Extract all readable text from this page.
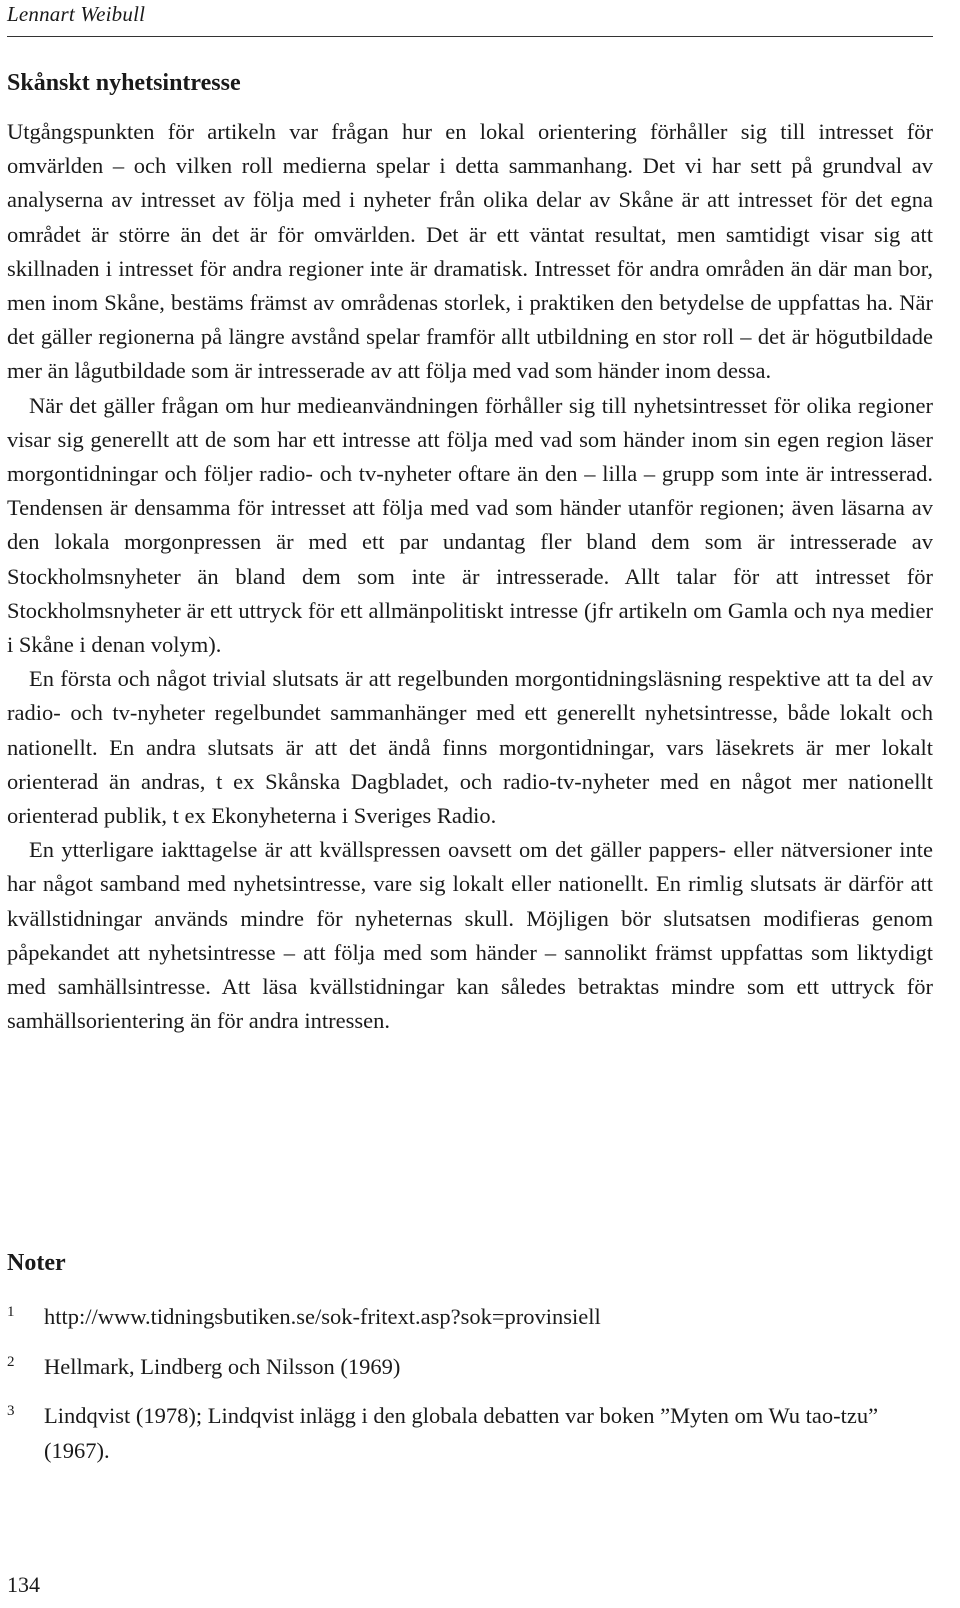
Lennart Weibull
Skånskt nyhetsintresse

Utgångspunkten för artikeln var frågan hur en lokal orientering förhåller sig till intresset för omvärlden – och vilken roll medierna spelar i detta sammanhang. Det vi har sett på grundval av analyserna av intresset av följa med i nyheter från olika delar av Skåne är att intresset för det egna området är större än det är för omvärlden. Det är ett väntat resultat, men samtidigt visar sig att skillnaden i intresset för andra regioner inte är dramatisk. Intresset för andra områden än där man bor, men inom Skåne, bestäms främst av områdenas storlek, i praktiken den betydelse de uppfattas ha. När det gäller regionerna på längre avstånd spelar framför allt utbildning en stor roll – det är högutbildade mer än lågutbildade som är intresserade av att följa med vad som händer inom dessa.

När det gäller frågan om hur medieanvändningen förhåller sig till nyhetsintresset för olika regioner visar sig generellt att de som har ett intresse att följa med vad som händer inom sin egen region läser morgontidningar och följer radio- och tv-nyheter oftare än den – lilla – grupp som inte är intresserad. Tendensen är densamma för intresset att följa med vad som händer utanför regionen; även läsarna av den lokala morgonpressen är med ett par undantag fler bland dem som är intresserade av Stockholmsnyheter än bland dem som inte är intresserade. Allt talar för att intresset för Stockholmsnyheter är ett uttryck för ett allmänpolitiskt intresse (jfr artikeln om Gamla och nya medier i Skåne i denan volym).

En första och något trivial slutsats är att regelbunden morgontidningsläsning respektive att ta del av radio- och tv-nyheter regelbundet sammanhänger med ett generellt nyhetsintresse, både lokalt och nationellt. En andra slutsats är att det ändå finns morgontidningar, vars läsekrets är mer lokalt orienterad än andras, t ex Skånska Dagbladet, och radio-tv-nyheter med en något mer nationellt orienterad publik, t ex Ekonyheterna i Sveriges Radio.

En ytterligare iakttagelse är att kvällspressen oavsett om det gäller pappers- eller nätversioner inte har något samband med nyhetsintresse, vare sig lokalt eller nationellt. En rimlig slutsats är därför att kvällstidningar används mindre för nyheternas skull. Möjligen bör slutsatsen modifieras genom påpekandet att nyhetsintresse – att följa med som händer – sannolikt främst uppfattas som liktydigt med samhällsintresse. Att läsa kvällstidningar kan således betraktas mindre som ett uttryck för samhällsorientering än för andra intressen.

Noter
1 http://www.tidningsbutiken.se/sok-fritext.asp?sok=provinsiell
2 Hellmark, Lindberg och Nilsson (1969)
3 Lindqvist (1978); Lindqvist inlägg i den globala debatten var boken ”Myten om Wu tao-tzu” (1967).
134
